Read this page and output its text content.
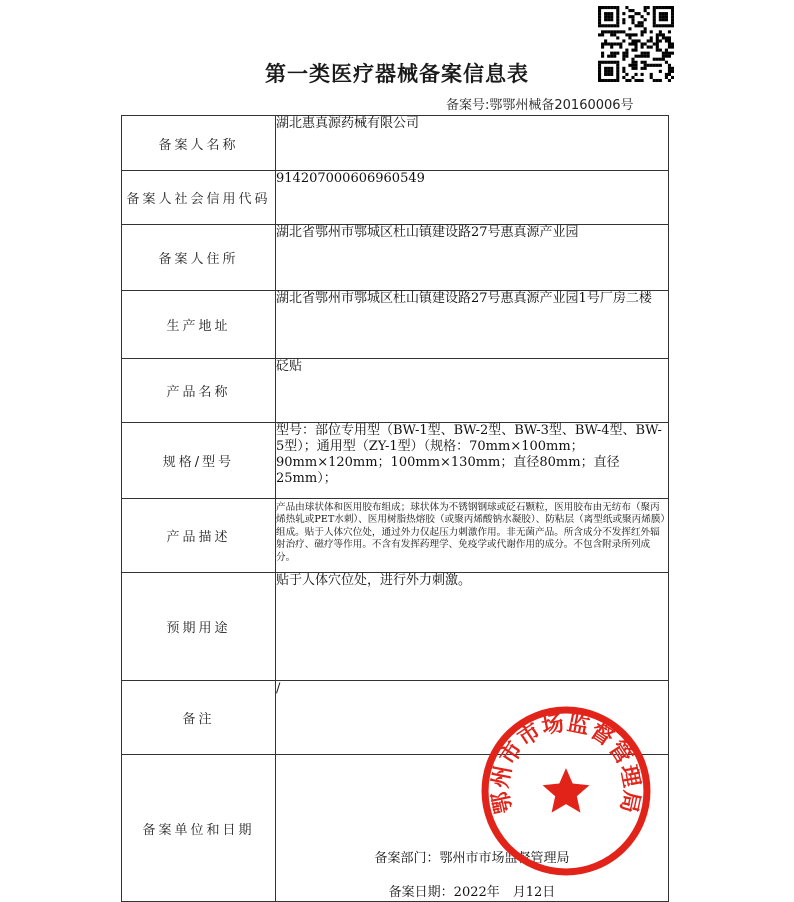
第一类医疗器械备案信息表
备案号:鄂鄂州械备20160006号
备案人名称	湖北惠真源药械有限公司
备案人社会信用代码	914207000606960549
备案人住所	湖北省鄂州市鄂城区杜山镇建设路27号惠真源产业园
生产地址	湖北省鄂州市鄂城区杜山镇建设路27号惠真源产业园1号厂房二楼
产品名称	砭贴
规格/型号	型号：部位专用型（BW-1型、BW-2型、BW-3型、BW-4型、BW-5型）；通用型（ZY-1型）（规格：70mm×100mm；90mm×120mm；100mm×130mm；直径80mm；直径25mm）；
产品描述	产品由球状体和医用胶布组成；球状体为不锈钢钢球或砭石颗粒，医用胶布由无纺布（聚丙烯热轧或PET水刺）、医用树脂热熔胶（或聚丙烯酸钠水凝胶）、防粘层（离型纸或聚丙烯膜）组成。贴于人体穴位处，通过外力仅起压力刺激作用。非无菌产品。所含成分不发挥红外辐射治疗、磁疗等作用。不含有发挥药理学、免疫学或代谢作用的成分。不包含附录所列成分。
预期用途	贴于人体穴位处，进行外力刺激。
备注	/
备案单位和日期	备案部门：鄂州市市场监督管理局
备案日期：2022年　月12日
鄂州市市场监督管理局
